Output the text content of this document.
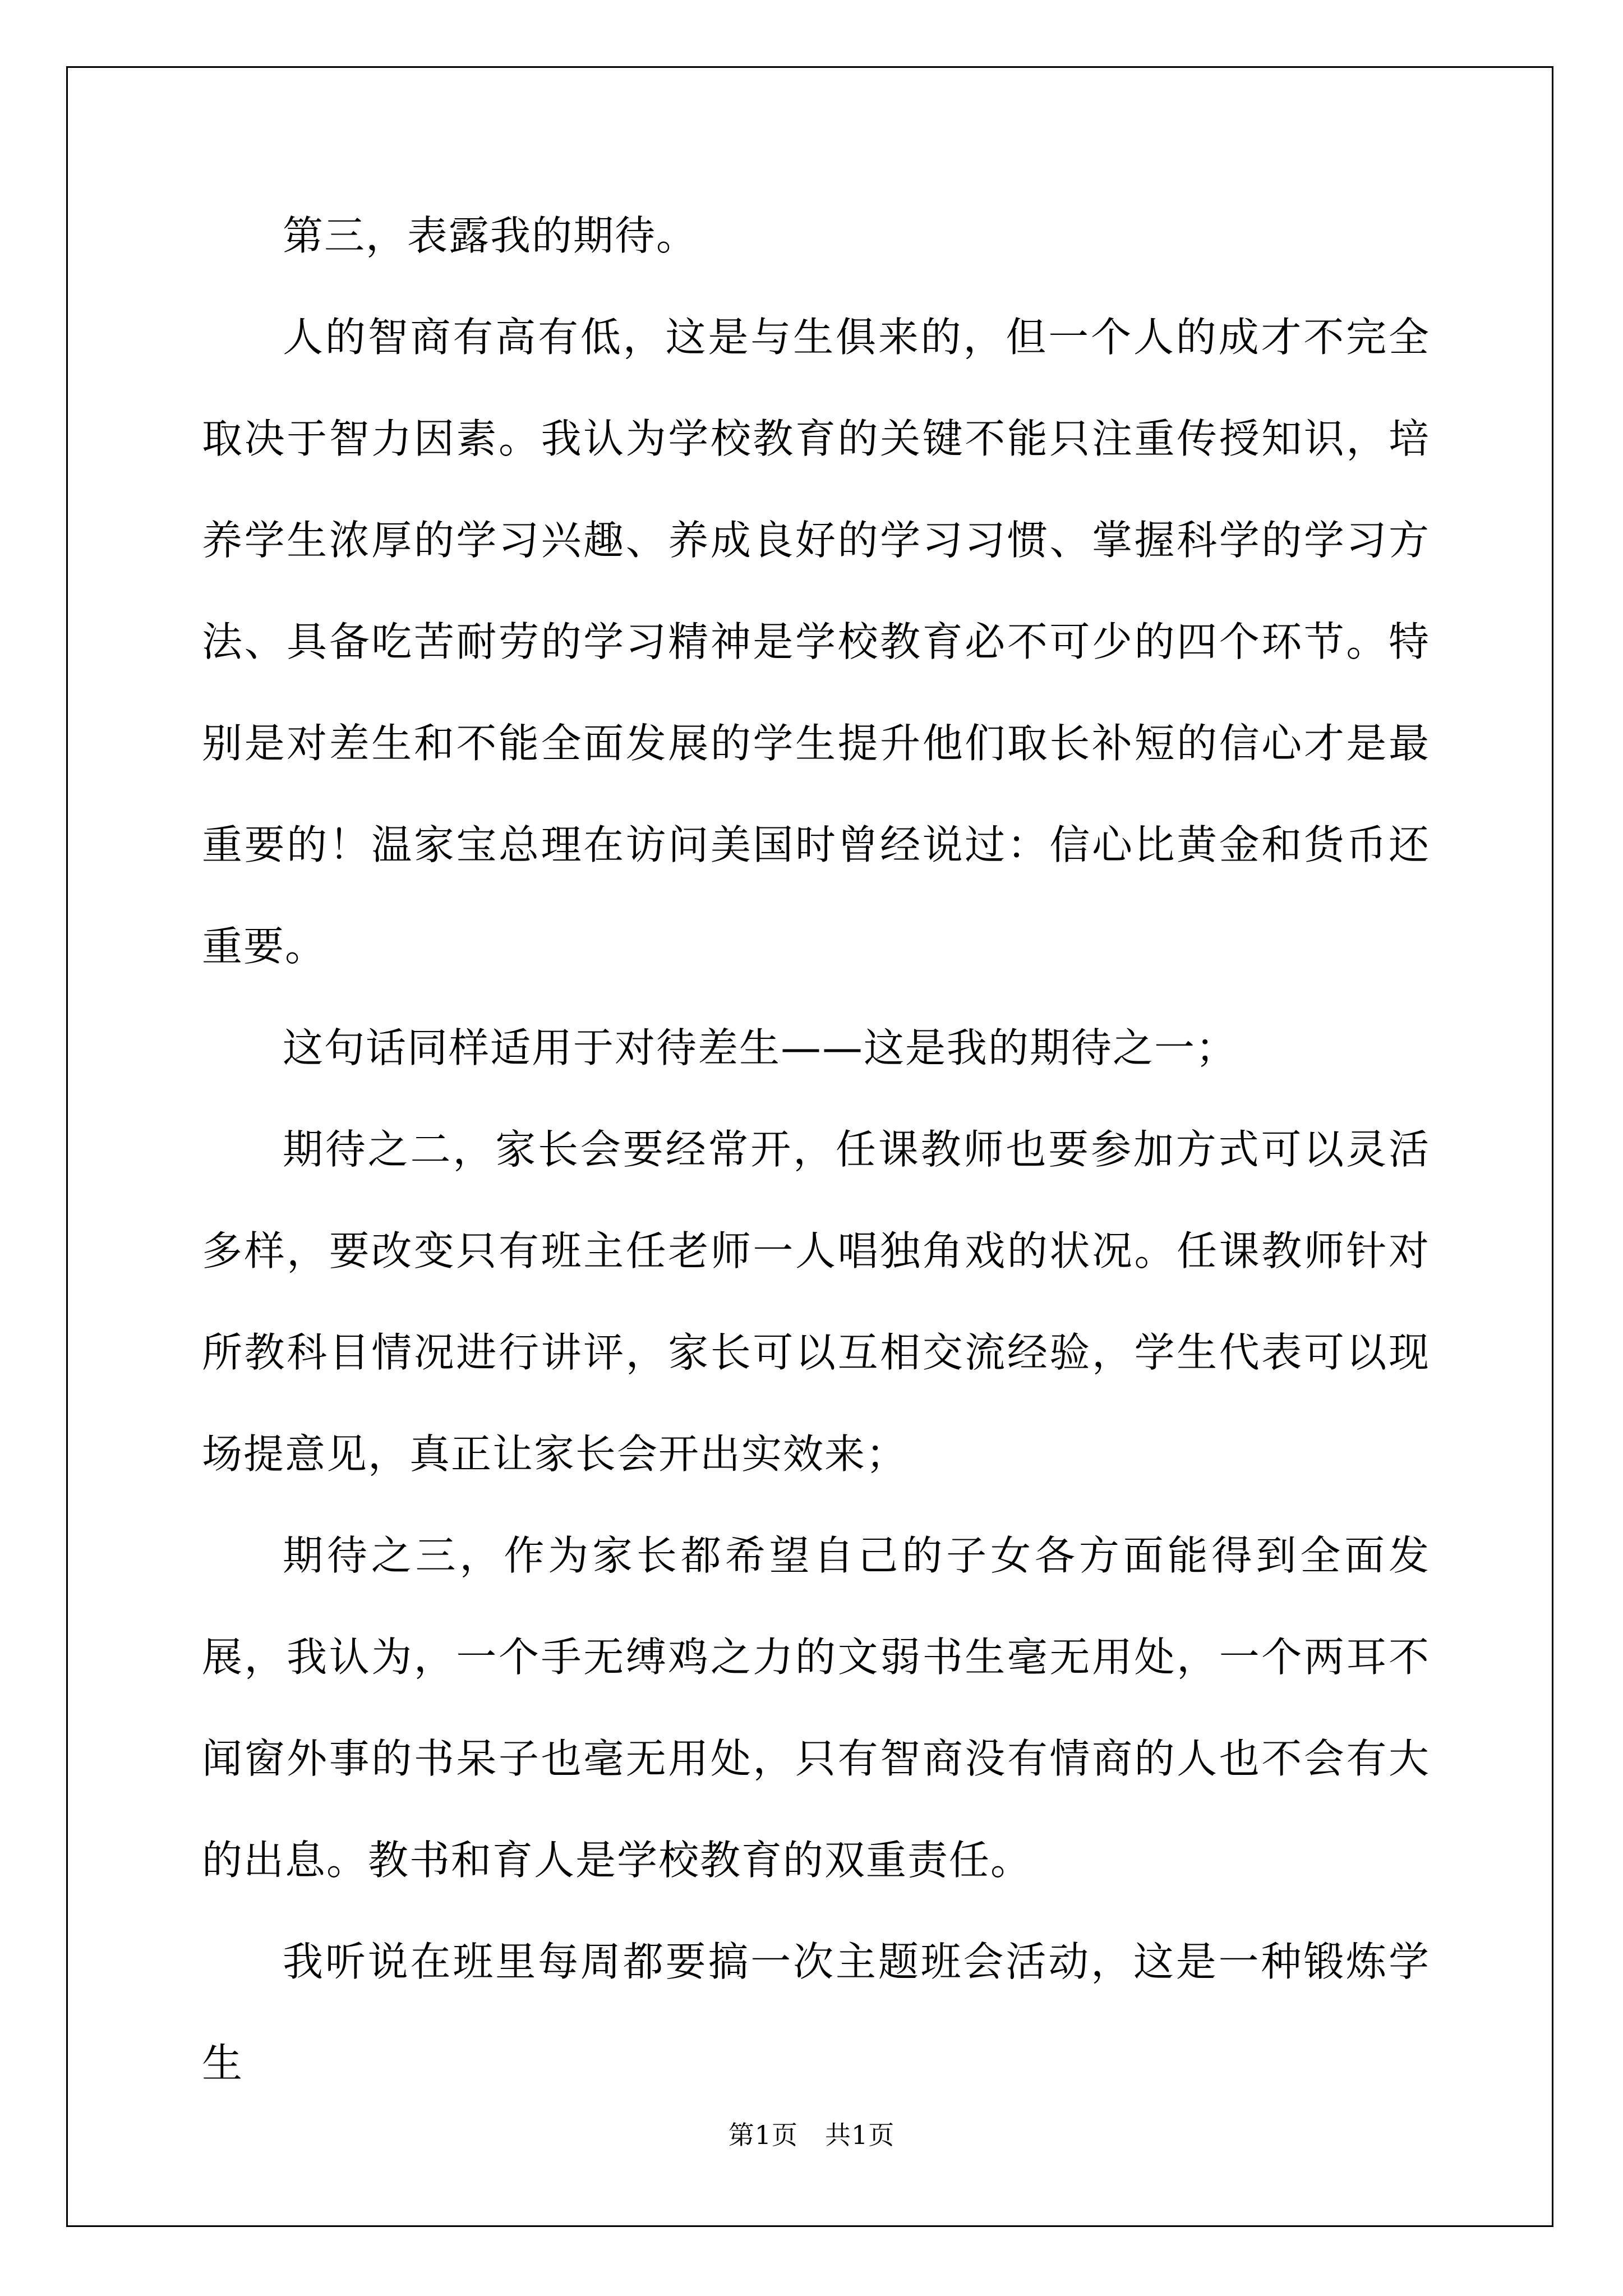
第三，表露我的期待。

人的智商有高有低，这是与生俱来的，但一个人的成才不完全取决于智力因素。我认为学校教育的关键不能只注重传授知识，培养学生浓厚的学习兴趣、养成良好的学习习惯、掌握科学的学习方法、具备吃苦耐劳的学习精神是学校教育必不可少的四个环节。特别是对差生和不能全面发展的学生提升他们取长补短的信心才是最重要的！温家宝总理在访问美国时曾经说过：信心比黄金和货币还重要。

这句话同样适用于对待差生——这是我的期待之一；

期待之二，家长会要经常开，任课教师也要参加方式可以灵活多样，要改变只有班主任老师一人唱独角戏的状况。任课教师针对所教科目情况进行讲评，家长可以互相交流经验，学生代表可以现场提意见，真正让家长会开出实效来；

期待之三，作为家长都希望自己的子女各方面能得到全面发展，我认为，一个手无缚鸡之力的文弱书生毫无用处，一个两耳不闻窗外事的书呆子也毫无用处，只有智商没有情商的人也不会有大的出息。教书和育人是学校教育的双重责任。

我听说在班里每周都要搞一次主题班会活动，这是一种锻炼学生

第1页 共1页
